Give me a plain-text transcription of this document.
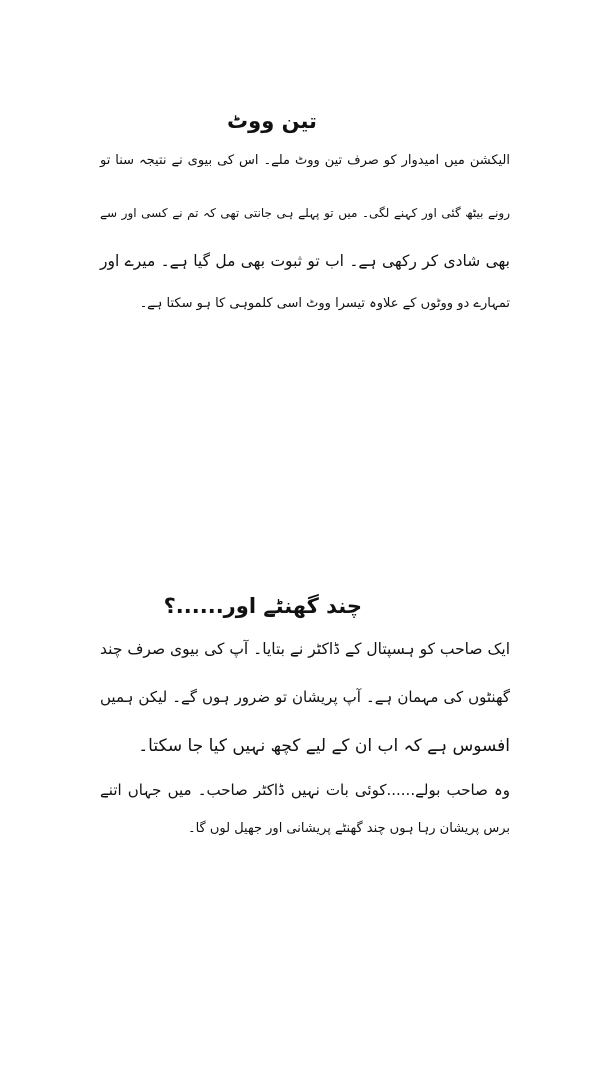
تین ووٹ
الیکشن میں امیدوار کو صرف تین ووٹ ملے۔ اس کی بیوی نے نتیجہ سنا تو
رونے بیٹھ گئی اور کہنے لگی۔ میں تو پہلے ہی جانتی تھی کہ تم نے کسی اور سے
بھی شادی کر رکھی ہے۔ اب تو ثبوت بھی مل گیا ہے۔ میرے اور
تمہارے دو ووٹوں کے علاوہ تیسرا ووٹ اسی کلموہی کا ہو سکتا ہے۔
چند گھنٹے اور......؟
ایک صاحب کو ہسپتال کے ڈاکٹر نے بتایا۔ آپ کی بیوی صرف چند
گھنٹوں کی مہمان ہے۔ آپ پریشان تو ضرور ہوں گے۔ لیکن ہمیں
افسوس ہے کہ اب ان کے لیے کچھ نہیں کیا جا سکتا۔
وہ صاحب بولے......کوئی بات نہیں ڈاکٹر صاحب۔ میں جہاں اتنے
برس پریشان رہا ہوں چند گھنٹے پریشانی اور جھیل لوں گا۔
